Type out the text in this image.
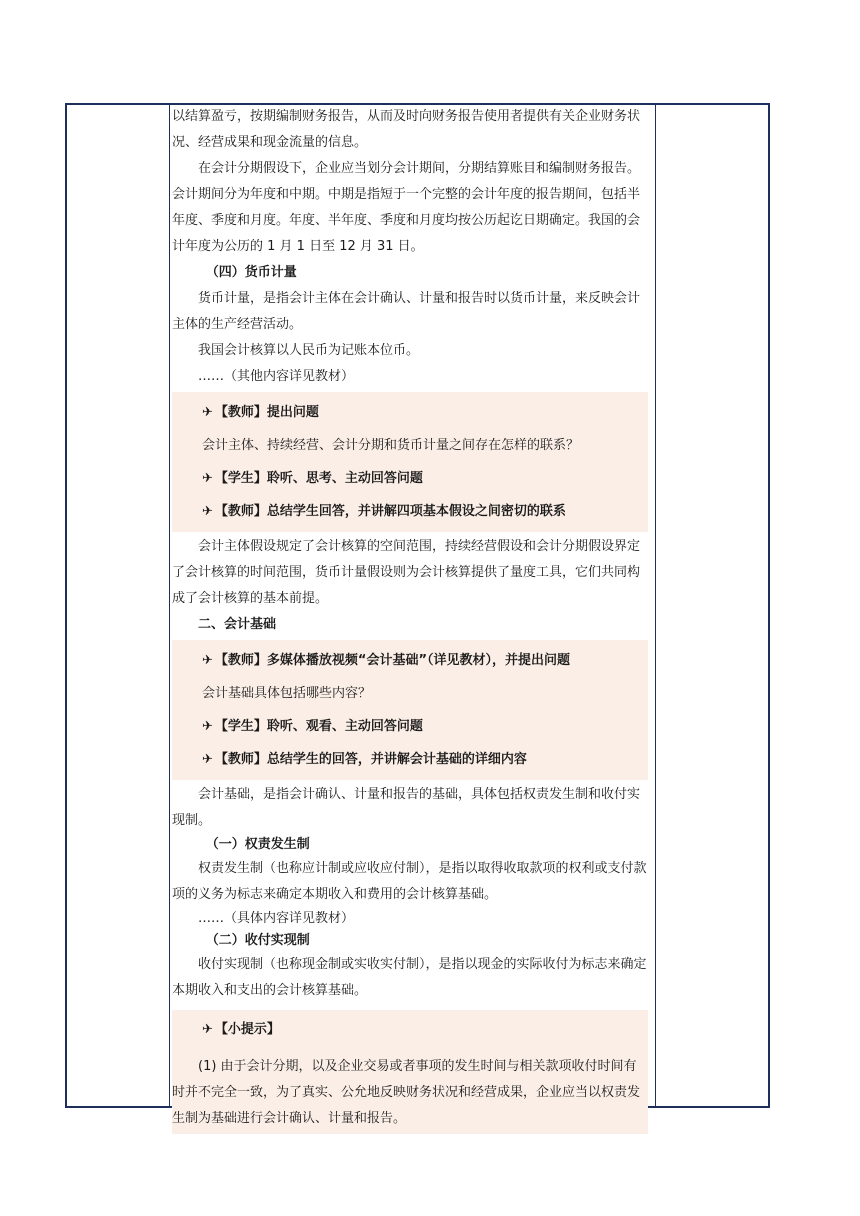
以结算盈亏，按期编制财务报告，从而及时向财务报告使用者提供有关企业财务状况、经营成果和现金流量的信息。

在会计分期假设下，企业应当划分会计期间，分期结算账目和编制财务报告。会计期间分为年度和中期。中期是指短于一个完整的会计年度的报告期间，包括半年度、季度和月度。年度、半年度、季度和月度均按公历起讫日期确定。我国的会计年度为公历的 1 月 1 日至 12 月 31 日。

（四）货币计量

货币计量，是指会计主体在会计确认、计量和报告时以货币计量，来反映会计主体的生产经营活动。

我国会计核算以人民币为记账本位币。

……（其他内容详见教材）

✈ 【教师】提出问题
会计主体、持续经营、会计分期和货币计量之间存在怎样的联系？
✈ 【学生】聆听、思考、主动回答问题
✈ 【教师】总结学生回答，并讲解四项基本假设之间密切的联系

会计主体假设规定了会计核算的空间范围，持续经营假设和会计分期假设界定了会计核算的时间范围，货币计量假设则为会计核算提供了量度工具，它们共同构成了会计核算的基本前提。

二、会计基础

✈ 【教师】多媒体播放视频“会计基础”（详见教材），并提出问题
会计基础具体包括哪些内容？
✈ 【学生】聆听、观看、主动回答问题
✈ 【教师】总结学生的回答，并讲解会计基础的详细内容

会计基础，是指会计确认、计量和报告的基础，具体包括权责发生制和收付实现制。

（一）权责发生制

权责发生制（也称应计制或应收应付制），是指以取得收取款项的权利或支付款项的义务为标志来确定本期收入和费用的会计核算基础。

……（具体内容详见教材）

（二）收付实现制

收付实现制（也称现金制或实收实付制），是指以现金的实际收付为标志来确定本期收入和支出的会计核算基础。

✈ 【小提示】

(1) 由于会计分期，以及企业交易或者事项的发生时间与相关款项收付时间有时并不完全一致，为了真实、公允地反映财务状况和经营成果，企业应当以权责发生制为基础进行会计确认、计量和报告。
